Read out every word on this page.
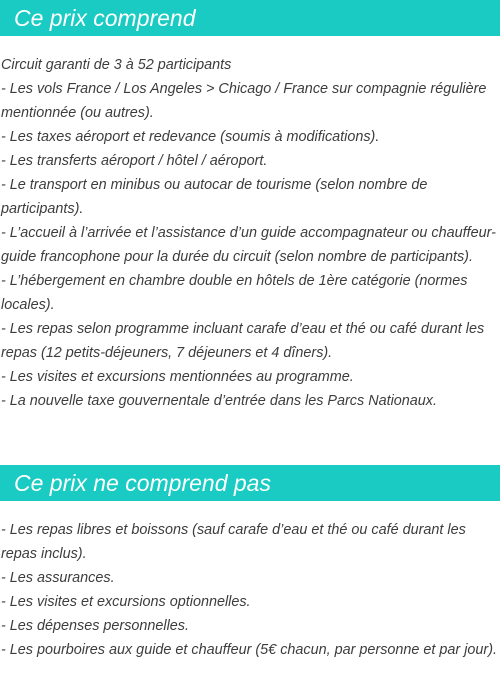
Ce prix comprend

Circuit garanti de 3 à 52 participants

- Les vols France / Los Angeles > Chicago / France sur compagnie régulière mentionnée (ou autres).

- Les taxes aéroport et redevance (soumis à modifications).

- Les transferts aéroport / hôtel / aéroport.

- Le transport en minibus ou autocar de tourisme (selon nombre de participants).

- L’accueil à l’arrivée et l’assistance d’un guide accompagnateur ou chauffeur-guide francophone pour la durée du circuit (selon nombre de participants).

- L’hébergement en chambre double en hôtels de 1ère catégorie (normes locales).

- Les repas selon programme incluant carafe d’eau et thé ou café durant les repas (12 petits-déjeuners, 7 déjeuners et 4 dîners).

- Les visites et excursions mentionnées au programme.

- La nouvelle taxe gouvernentale d’entrée dans les Parcs Nationaux.

Ce prix ne comprend pas

- Les repas libres et boissons (sauf carafe d’eau et thé ou café durant les repas inclus).

- Les assurances.

- Les visites et excursions optionnelles.

- Les dépenses personnelles.

- Les pourboires aux guide et chauffeur (5€ chacun, par personne et par jour).
